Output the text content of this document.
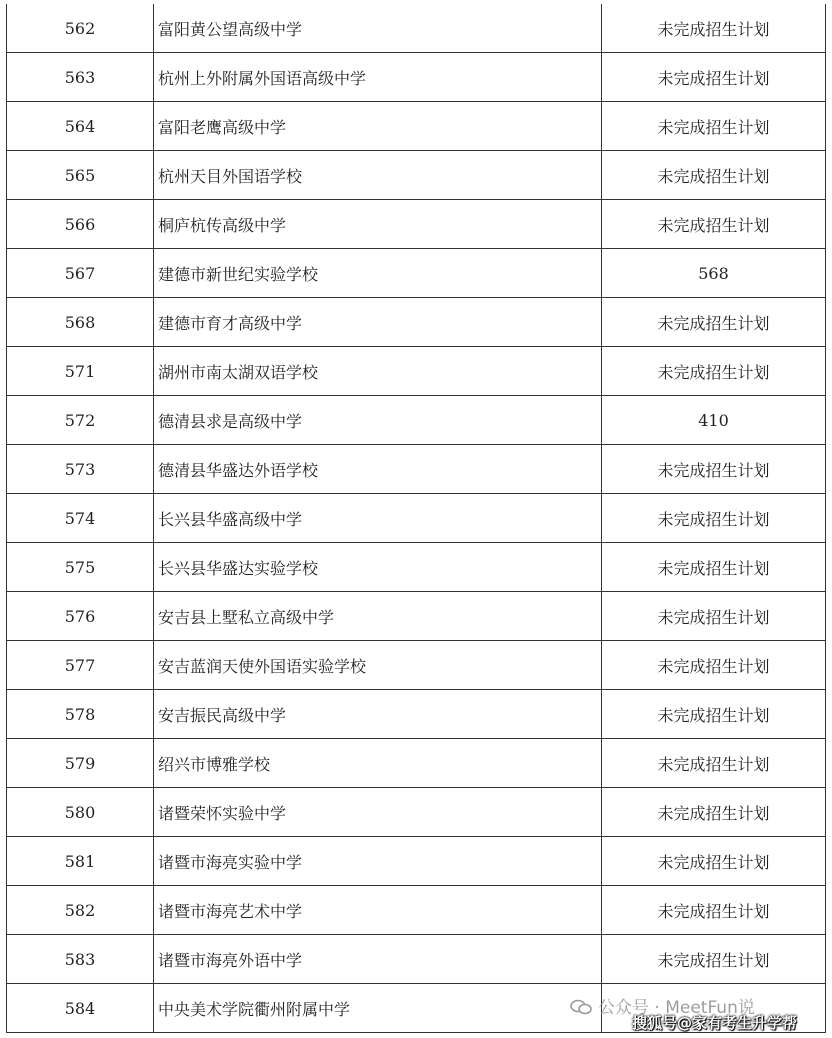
562	富阳黄公望高级中学	未完成招生计划
563	杭州上外附属外国语高级中学	未完成招生计划
564	富阳老鹰高级中学	未完成招生计划
565	杭州天目外国语学校	未完成招生计划
566	桐庐杭传高级中学	未完成招生计划
567	建德市新世纪实验学校	568
568	建德市育才高级中学	未完成招生计划
571	湖州市南太湖双语学校	未完成招生计划
572	德清县求是高级中学	410
573	德清县华盛达外语学校	未完成招生计划
574	长兴县华盛高级中学	未完成招生计划
575	长兴县华盛达实验学校	未完成招生计划
576	安吉县上墅私立高级中学	未完成招生计划
577	安吉蓝润天使外国语实验学校	未完成招生计划
578	安吉振民高级中学	未完成招生计划
579	绍兴市博雅学校	未完成招生计划
580	诸暨荣怀实验中学	未完成招生计划
581	诸暨市海亮实验中学	未完成招生计划
582	诸暨市海亮艺术中学	未完成招生计划
583	诸暨市海亮外语中学	未完成招生计划
584	中央美术学院衢州附属中学		公众号 · MeetFun说
搜狐号@家有考生升学帮
